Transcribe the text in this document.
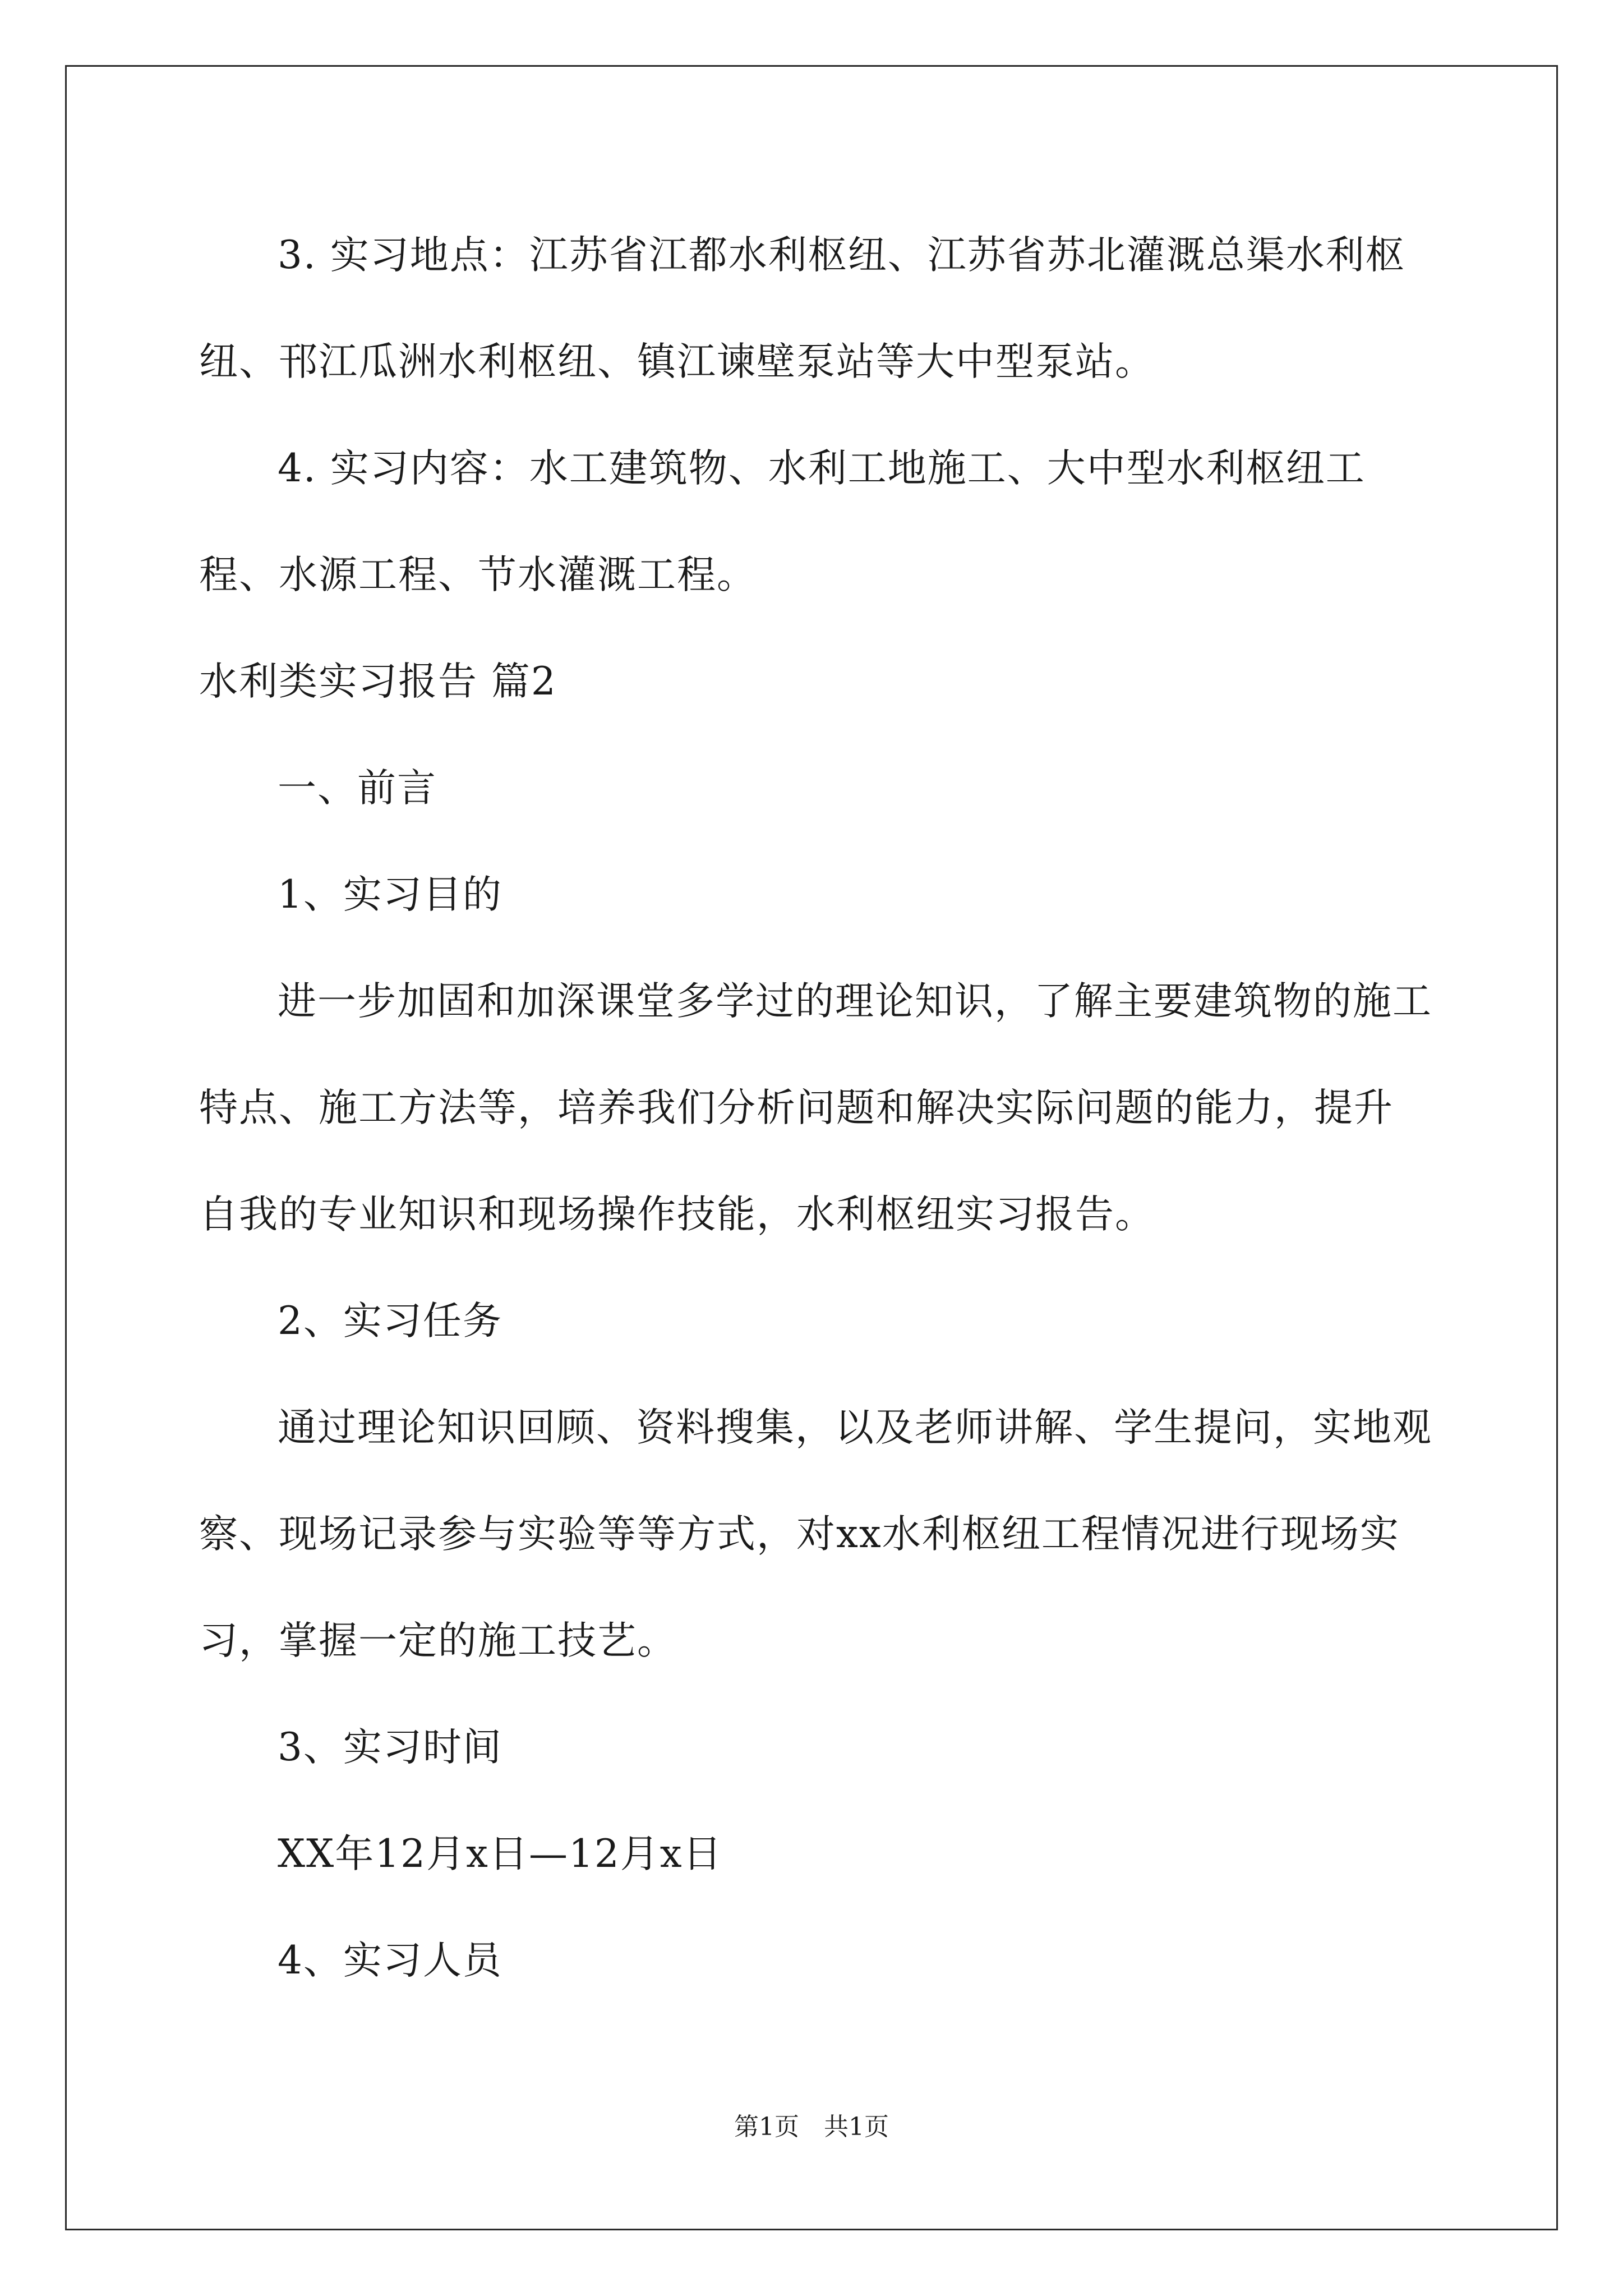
3. 实习地点：江苏省江都水利枢纽、江苏省苏北灌溉总渠水利枢纽、邗江瓜洲水利枢纽、镇江谏壁泵站等大中型泵站。

4. 实习内容：水工建筑物、水利工地施工、大中型水利枢纽工程、水源工程、节水灌溉工程。

水利类实习报告 篇2

一、前言

1、实习目的

进一步加固和加深课堂多学过的理论知识，了解主要建筑物的施工特点、施工方法等，培养我们分析问题和解决实际问题的能力，提升自我的专业知识和现场操作技能，水利枢纽实习报告。

2、实习任务

通过理论知识回顾、资料搜集，以及老师讲解、学生提问，实地观察、现场记录参与实验等等方式，对xx水利枢纽工程情况进行现场实习，掌握一定的施工技艺。

3、实习时间

XX年12月x日—12月x日

4、实习人员

第1页　共1页
